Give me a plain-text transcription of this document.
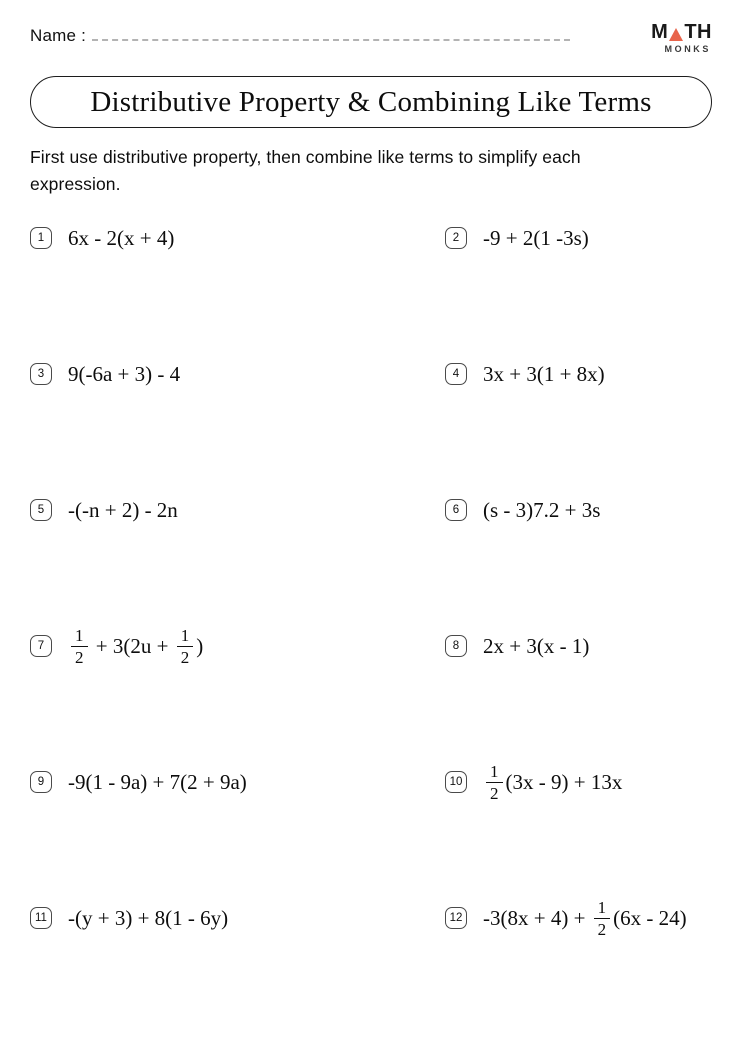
Name :	M TH
MONKS
Distributive Property & Combining Like Terms
First use distributive property, then combine like terms to simplify each
expression.
1	6x - 2(x + 4)	2	-9 + 2(1 -3s)
3	9(-6a + 3) - 4	4	3x + 3(1 + 8x)
5	-(-n + 2) - 2n	6	(s - 3)7.2 + 3s
7	$\frac{1}{2} + 3(2u + \frac{1}{2}$ )	8	2x + 3(x - 1)
9	-9(1 - 9a) + 7(2 + 9a)	$10 \frac{1}{2} (3x - 9) + 13x$
11 -(y + 3) + 8(1 - 6y)	12 $-3(8x + 4) + \frac{1}{2} (6x - 24)$
